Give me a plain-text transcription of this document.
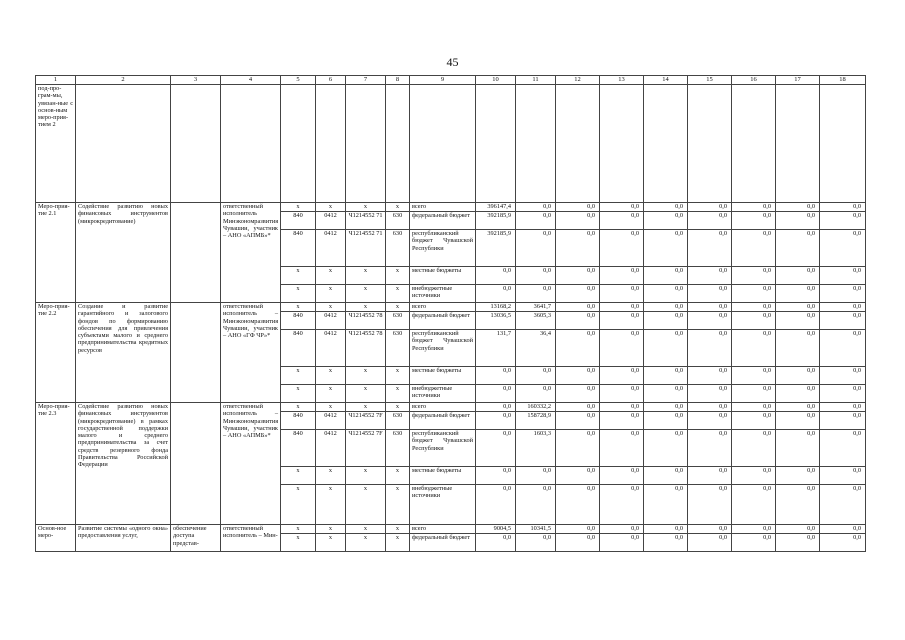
45
1	2	3	4	5	6	7	8	9	10	11	12	13	14	15	16	17	18
под-про-грам-мы, увязан-ные с основ-ным меро-прия-тием 2																	
Меро-прия-тие 2.1	Содействие развитию новых финансовых инструментов (микрокредитование)		ответственный исполнитель Минэкономразвития Чувашии, участник – АНО «АПМБ»*	x	x	x	x	всего	396147,4	0,0	0,0	0,0	0,0	0,0	0,0	0,0	0,0
				840	0412	Ч1214552 71	630	федеральный бюджет	392185,9	0,0	0,0	0,0	0,0	0,0	0,0	0,0	0,0
				840	0412	Ч1214552 71	630	республиканский бюджет Чувашской Республики	392185,9	0,0	0,0	0,0	0,0	0,0	0,0	0,0	0,0
				x	x	x	x	местные бюджеты	0,0	0,0	0,0	0,0	0,0	0,0	0,0	0,0	0,0
				x	x	x	x	внебюджетные источники	0,0	0,0	0,0	0,0	0,0	0,0	0,0	0,0	0,0
Меро-прия-тие 2.2	Создание и развитие гарантийного и залогового фондов по формированию обеспечения для привлечения субъектами малого и среднего предпринимательства кредитных ресурсов		ответственный исполнитель – Минэкономразвития Чувашии, участник – АНО «ГФ ЧР»*	x	x	x	x	всего	13168,2	3641,7	0,0	0,0	0,0	0,0	0,0	0,0	0,0
				840	0412	Ч1214552 78	630	федеральный бюджет	13036,5	3605,3	0,0	0,0	0,0	0,0	0,0	0,0	0,0
				840	0412	Ч1214552 78	630	республиканский бюджет Чувашской Республики	131,7	36,4	0,0	0,0	0,0	0,0	0,0	0,0	0,0
				x	x	x	x	местные бюджеты	0,0	0,0	0,0	0,0	0,0	0,0	0,0	0,0	0,0
				x	x	x	x	внебюджетные источники	0,0	0,0	0,0	0,0	0,0	0,0	0,0	0,0	0,0
Меро-прия-тие 2.3	Содействие развитию новых финансовых инструментов (микрокредитование) в рамках государственной поддержки малого и среднего предпринимательства за счет средств резервного фонда Правительства Российской Федерации		ответственный исполнитель – Минэкономразвития Чувашии, участник – АНО «АПМБ»*	x	x	x	x	всего	0,0	160332,2	0,0	0,0	0,0	0,0	0,0	0,0	0,0
				840	0412	Ч1214552 7F	630	федеральный бюджет	0,0	158728,9	0,0	0,0	0,0	0,0	0,0	0,0	0,0
				840	0412	Ч1214552 7F	630	республиканский бюджет Чувашской Республики	0,0	1603,3	0,0	0,0	0,0	0,0	0,0	0,0	0,0
				x	x	x	x	местные бюджеты	0,0	0,0	0,0	0,0	0,0	0,0	0,0	0,0	0,0
				x	x	x	x	внебюджетные источники	0,0	0,0	0,0	0,0	0,0	0,0	0,0	0,0	0,0
Основ-ное меро-	Развитие системы «одного окна» предоставления услуг,	обеспечение доступа представ-	ответственный исполнитель – Мин-	x	x	x	x	всего	9004,5	10341,5	0,0	0,0	0,0	0,0	0,0	0,0	0,0
				x	x	x	x	федеральный бюджет	0,0	0,0	0,0	0,0	0,0	0,0	0,0	0,0	0,0
